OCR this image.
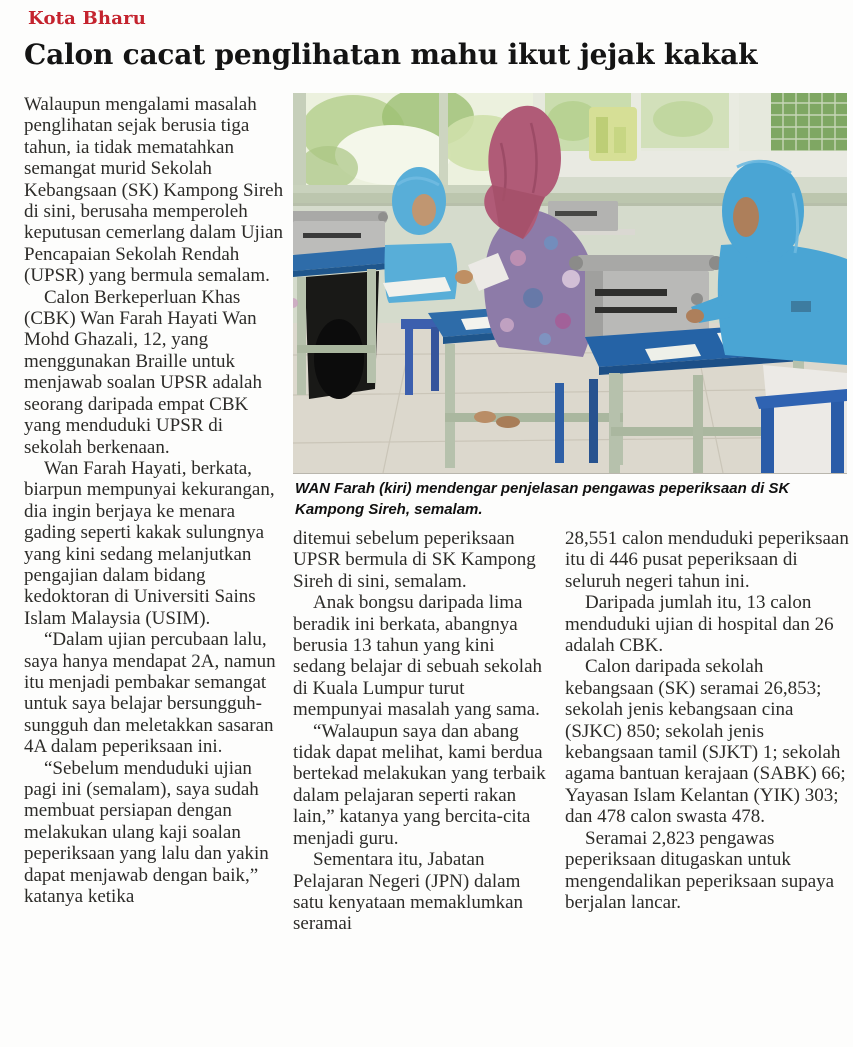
Kota Bharu
Calon cacat penglihatan mahu ikut jejak kakak

Walaupun mengalami masalah penglihatan sejak berusia tiga tahun, ia tidak mematahkan semangat murid Sekolah Kebangsaan (SK) Kampong Sireh di sini, berusaha memperoleh keputusan cemerlang dalam Ujian Pencapaian Sekolah Rendah (UPSR) yang bermula semalam.

Calon Berkeperluan Khas (CBK) Wan Farah Hayati Wan Mohd Ghazali, 12, yang menggunakan Braille untuk menjawab soalan UPSR adalah seorang daripada empat CBK yang menduduki UPSR di sekolah berkenaan.

Wan Farah Hayati, berkata, biarpun mempunyai kekurangan, dia ingin berjaya ke menara gading seperti kakak sulungnya yang kini sedang melanjutkan pengajian dalam bidang kedoktoran di Universiti Sains Islam Malaysia (USIM).

“Dalam ujian percubaan lalu, saya hanya mendapat 2A, namun itu menjadi pembakar semangat untuk saya belajar bersungguh-sungguh dan meletakkan sasaran 4A dalam peperiksaan ini.

“Sebelum menduduki ujian pagi ini (semalam), saya sudah membuat persiapan dengan melakukan ulang kaji soalan peperiksaan yang lalu dan yakin dapat menjawab dengan baik,” katanya ketika

WAN Farah (kiri) mendengar penjelasan pengawas peperiksaan di SK Kampong Sireh, semalam.

ditemui sebelum peperiksaan UPSR bermula di SK Kampong Sireh di sini, semalam.

Anak bongsu daripada lima beradik ini berkata, abangnya berusia 13 tahun yang kini sedang belajar di sebuah sekolah di Kuala Lumpur turut mempunyai masalah yang sama.

“Walaupun saya dan abang tidak dapat melihat, kami berdua bertekad melakukan yang terbaik dalam pelajaran seperti rakan lain,” katanya yang bercita-cita menjadi guru.

Sementara itu, Jabatan Pelajaran Negeri (JPN) dalam satu kenyataan memaklumkan seramai

28,551 calon menduduki peperiksaan itu di 446 pusat peperiksaan di seluruh negeri tahun ini.

Daripada jumlah itu, 13 calon menduduki ujian di hospital dan 26 adalah CBK.

Calon daripada sekolah kebangsaan (SK) seramai 26,853; sekolah jenis kebangsaan cina (SJKC) 850; sekolah jenis kebangsaan tamil (SJKT) 1; sekolah agama bantuan kerajaan (SABK) 66; Yayasan Islam Kelantan (YIK) 303; dan 478 calon swasta 478.

Seramai 2,823 pengawas peperiksaan ditugaskan untuk mengendalikan peperiksaan supaya berjalan lancar.
